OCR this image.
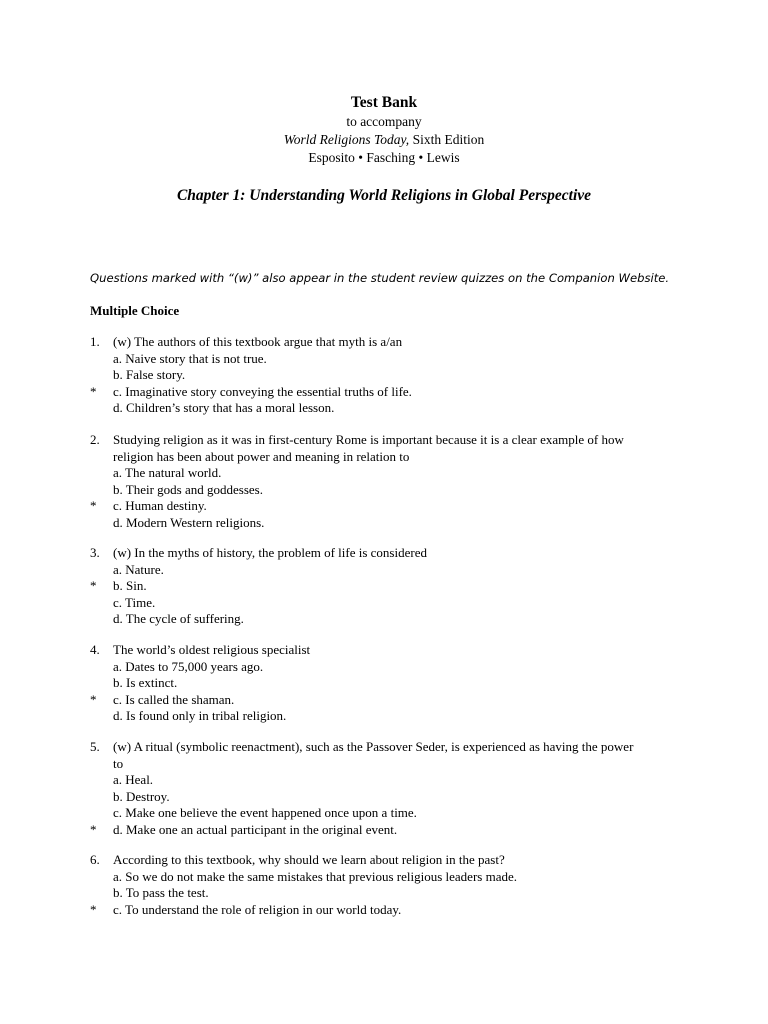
Test Bank
to accompany
World Religions Today, Sixth Edition
Esposito • Fasching • Lewis
Chapter 1: Understanding World Religions in Global Perspective
Questions marked with “(w)” also appear in the student review quizzes on the Companion Website.
Multiple Choice
1. (w) The authors of this textbook argue that myth is a/an
a. Naive story that is not true.
b. False story.
* c. Imaginative story conveying the essential truths of life.
d. Children’s story that has a moral lesson.
2. Studying religion as it was in first-century Rome is important because it is a clear example of how
religion has been about power and meaning in relation to
a. The natural world.
b. Their gods and goddesses.
* c. Human destiny.
d. Modern Western religions.
3. (w) In the myths of history, the problem of life is considered
a. Nature.
* b. Sin.
c. Time.
d. The cycle of suffering.
4. The world’s oldest religious specialist
a. Dates to 75,000 years ago.
b. Is extinct.
* c. Is called the shaman.
d. Is found only in tribal religion.
5. (w) A ritual (symbolic reenactment), such as the Passover Seder, is experienced as having the power
to
a. Heal.
b. Destroy.
c. Make one believe the event happened once upon a time.
* d. Make one an actual participant in the original event.
6. According to this textbook, why should we learn about religion in the past?
a. So we do not make the same mistakes that previous religious leaders made.
b. To pass the test.
* c. To understand the role of religion in our world today.
